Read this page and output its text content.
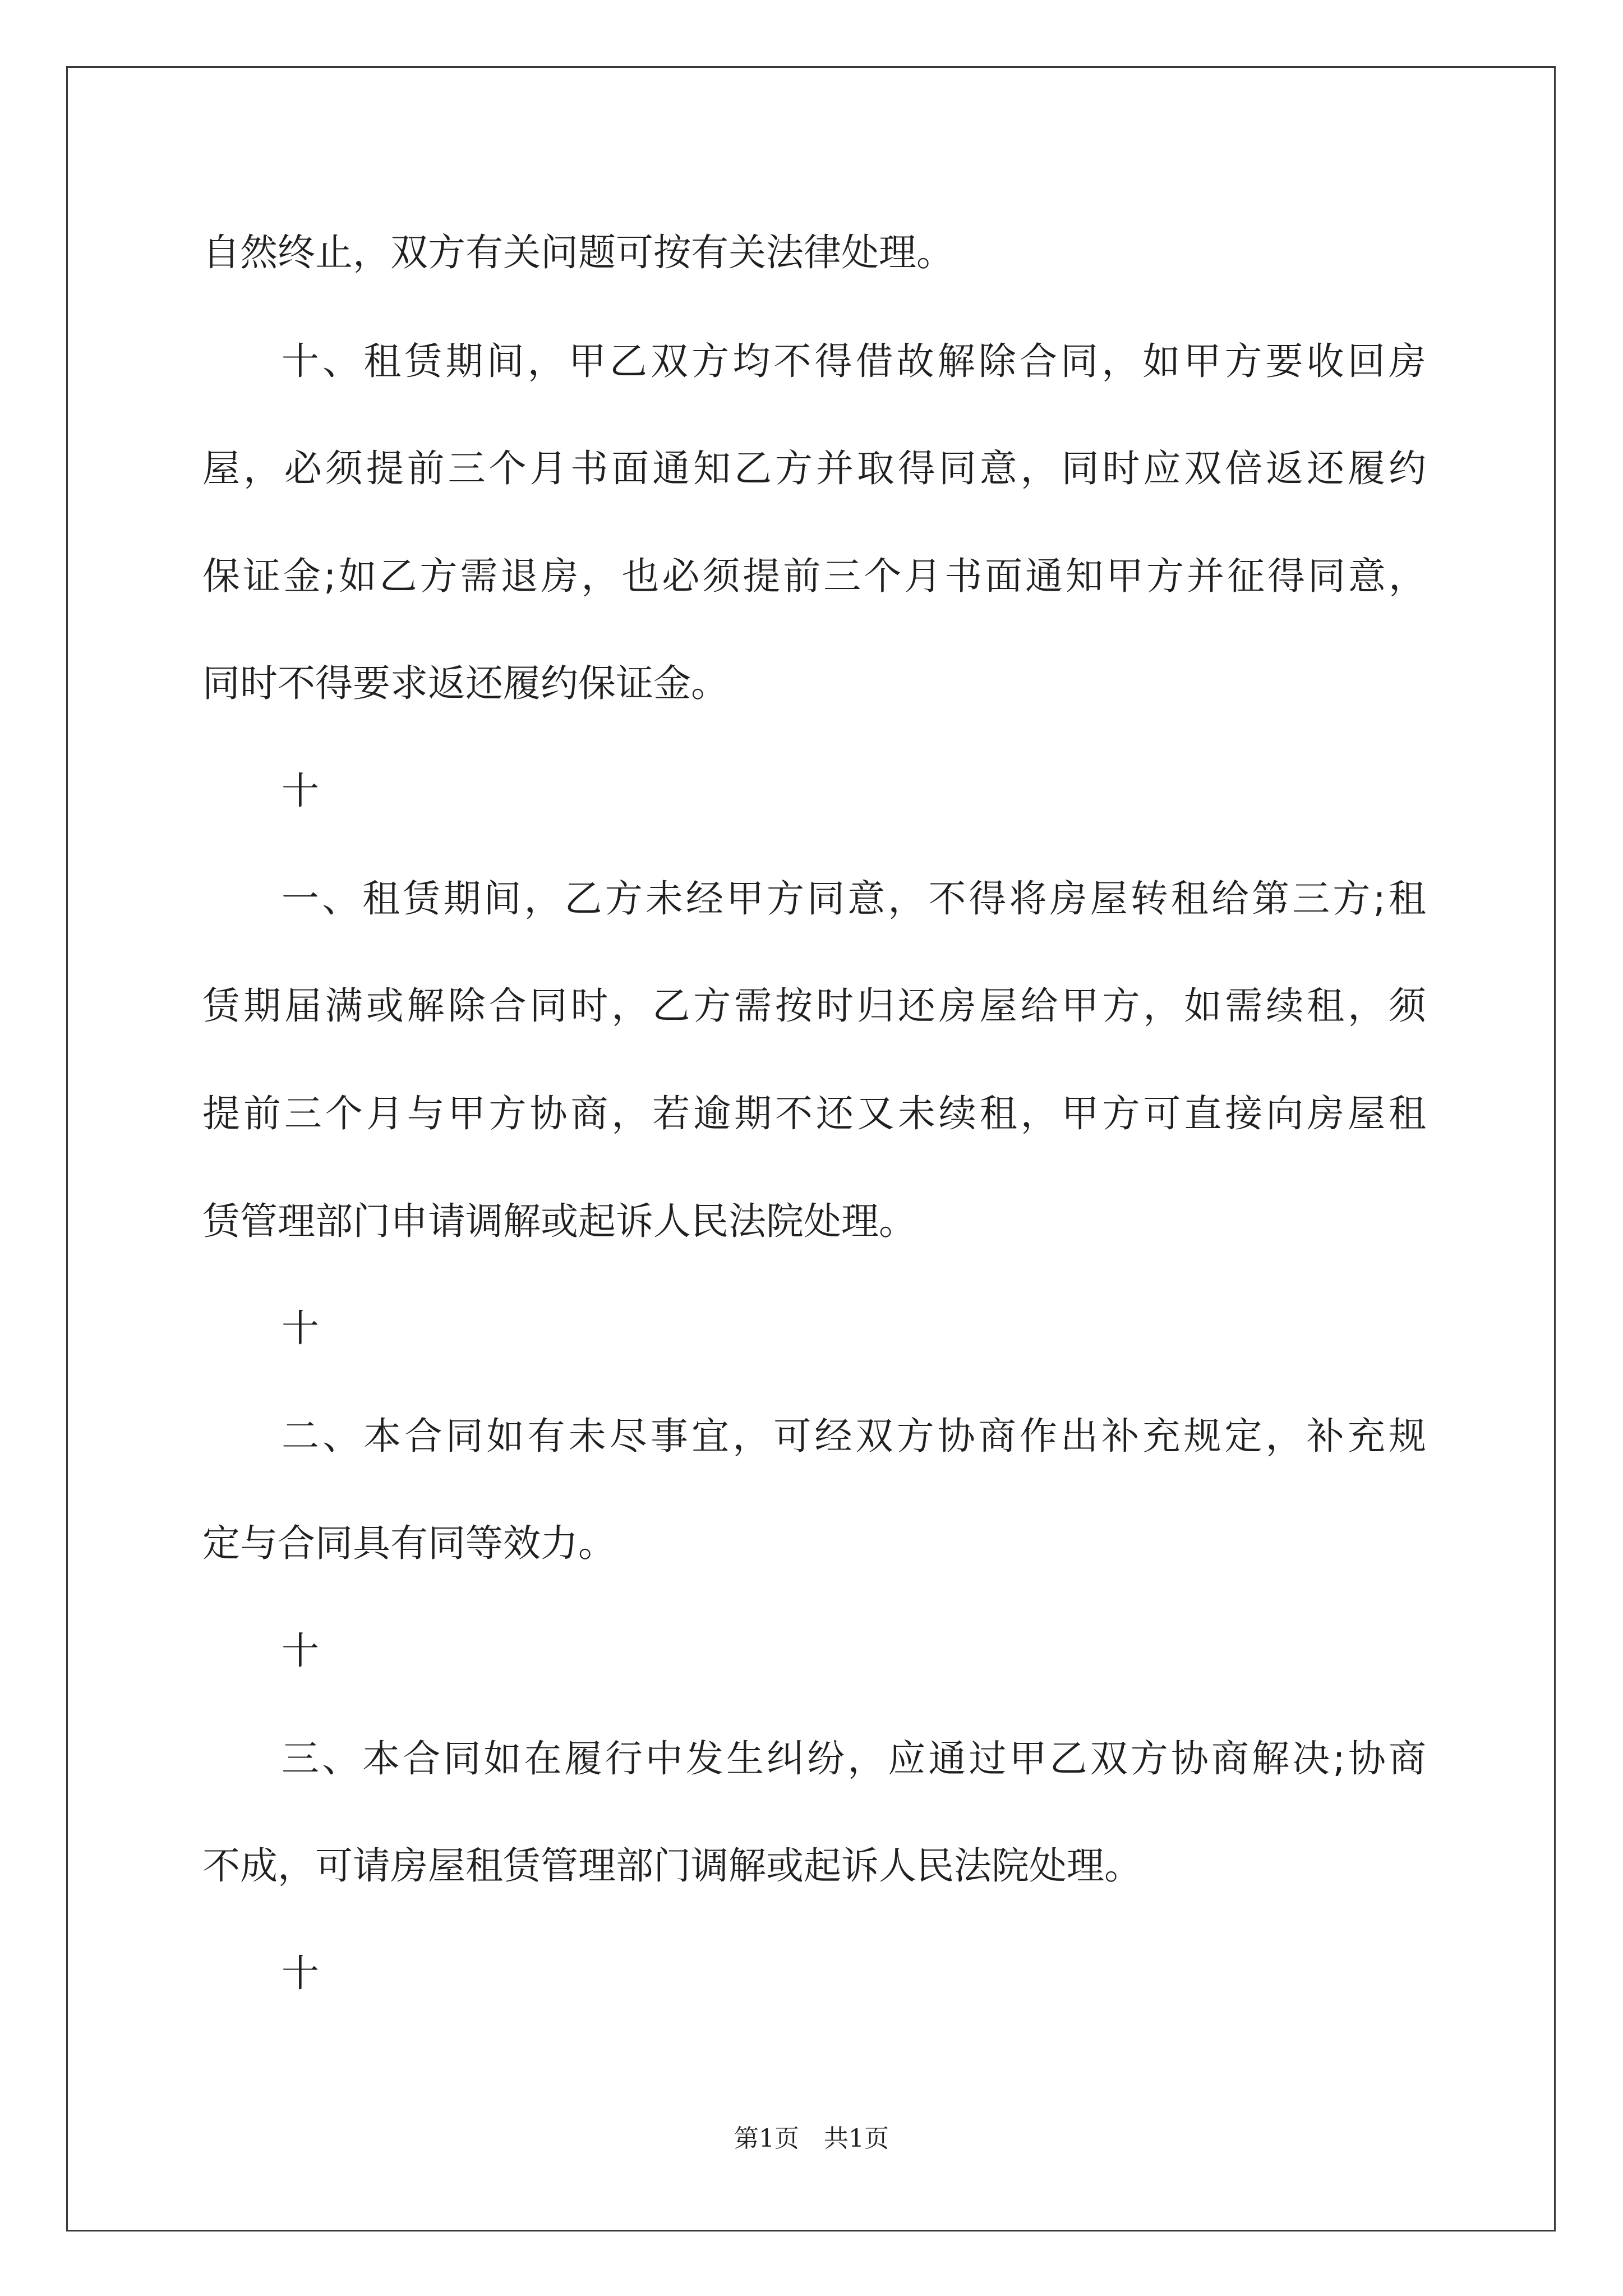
自然终止，双方有关问题可按有关法律处理。
十、租赁期间，甲乙双方均不得借故解除合同，如甲方要收回房
屋，必须提前三个月书面通知乙方并取得同意，同时应双倍返还履约
保证金;如乙方需退房，也必须提前三个月书面通知甲方并征得同意，
同时不得要求返还履约保证金。
十
一、租赁期间，乙方未经甲方同意，不得将房屋转租给第三方;租
赁期届满或解除合同时，乙方需按时归还房屋给甲方，如需续租，须
提前三个月与甲方协商，若逾期不还又未续租，甲方可直接向房屋租
赁管理部门申请调解或起诉人民法院处理。
十
二、本合同如有未尽事宜，可经双方协商作出补充规定，补充规
定与合同具有同等效力。
十
三、本合同如在履行中发生纠纷，应通过甲乙双方协商解决;协商
不成，可请房屋租赁管理部门调解或起诉人民法院处理。
十
第1页　共1页
